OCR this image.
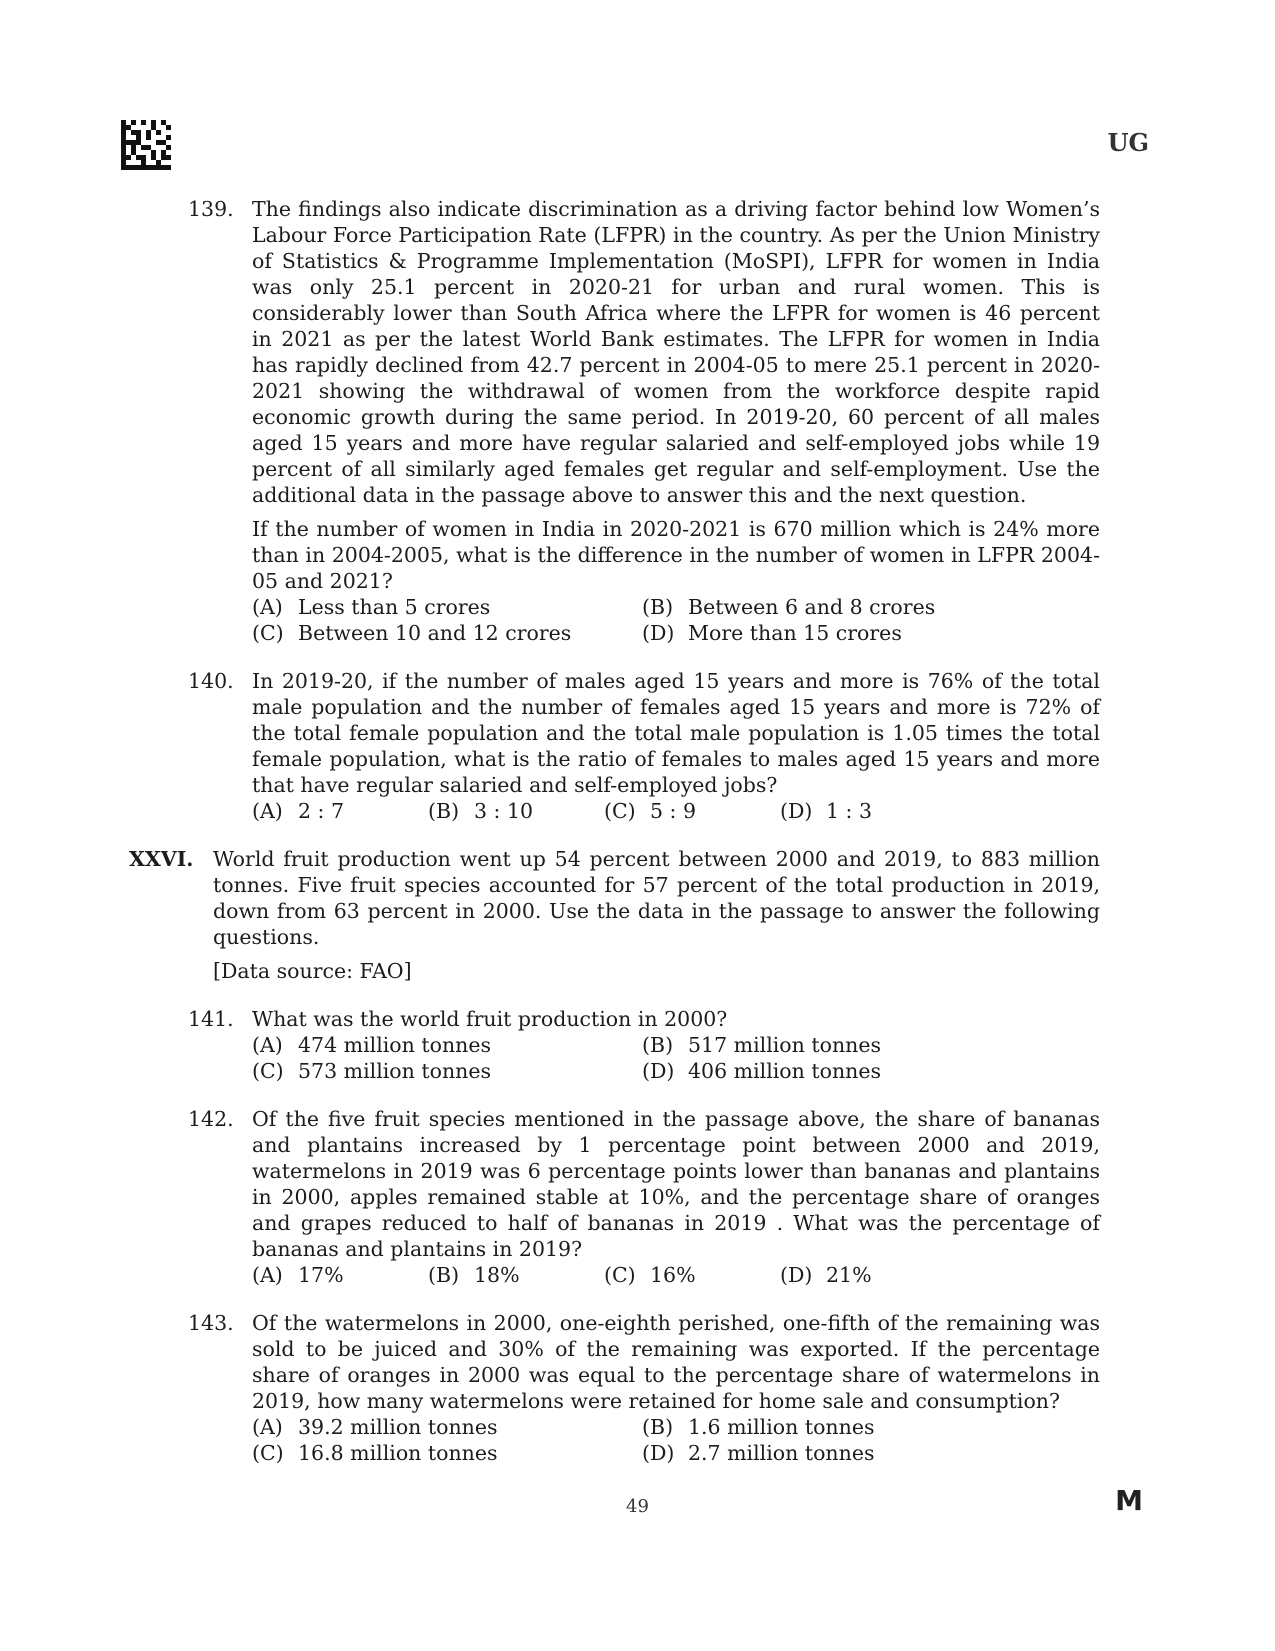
UG
139. The findings also indicate discrimination as a driving factor behind low Women’s Labour Force Participation Rate (LFPR) in the country. As per the Union Ministry of Statistics & Programme Implementation (MoSPI), LFPR for women in India was only 25.1 percent in 2020-21 for urban and rural women. This is considerably lower than South Africa where the LFPR for women is 46 percent in 2021 as per the latest World Bank estimates. The LFPR for women in India has rapidly declined from 42.7 percent in 2004-05 to mere 25.1 percent in 2020-2021 showing the withdrawal of women from the workforce despite rapid economic growth during the same period. In 2019-20, 60 percent of all males aged 15 years and more have regular salaried and self-employed jobs while 19 percent of all similarly aged females get regular and self-employment. Use the additional data in the passage above to answer this and the next question.

If the number of women in India in 2020-2021 is 670 million which is 24% more than in 2004-2005, what is the difference in the number of women in LFPR 2004-05 and 2021?

(A) Less than 5 crores	(B) Between 6 and 8 crores
(C) Between 10 and 12 crores	(D) More than 15 crores
140. In 2019-20, if the number of males aged 15 years and more is 76% of the total male population and the number of females aged 15 years and more is 72% of the total female population and the total male population is 1.05 times the total female population, what is the ratio of females to males aged 15 years and more that have regular salaried and self-employed jobs?

(A) 2 : 7	(B) 3 : 10	(C) 5 : 9	(D) 1 : 3
XXVI. World fruit production went up 54 percent between 2000 and 2019, to 883 million tonnes. Five fruit species accounted for 57 percent of the total production in 2019, down from 63 percent in 2000. Use the data in the passage to answer the following questions.

[Data source: FAO]

141. What was the world fruit production in 2000?

(A) 474 million tonnes	(B) 517 million tonnes
(C) 573 million tonnes	(D) 406 million tonnes
142. Of the five fruit species mentioned in the passage above, the share of bananas and plantains increased by 1 percentage point between 2000 and 2019, watermelons in 2019 was 6 percentage points lower than bananas and plantains in 2000, apples remained stable at 10%, and the percentage share of oranges and grapes reduced to half of bananas in 2019 . What was the percentage of bananas and plantains in 2019?

(A) 17%	(B) 18%	(C) 16%	(D) 21%
143. Of the watermelons in 2000, one-eighth perished, one-fifth of the remaining was sold to be juiced and 30% of the remaining was exported. If the percentage share of oranges in 2000 was equal to the percentage share of watermelons in 2019, how many watermelons were retained for home sale and consumption?

(A) 39.2 million tonnes	(B) 1.6 million tonnes
(C) 16.8 million tonnes	(D) 2.7 million tonnes
49	M
